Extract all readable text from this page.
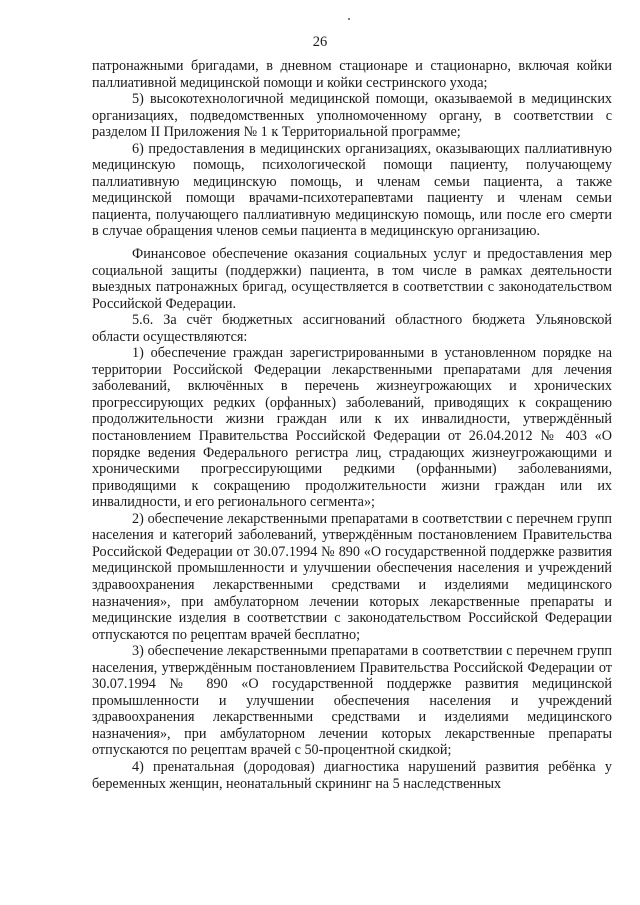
26

патронажными бригадами, в дневном стационаре и стационарно, включая койки паллиативной медицинской помощи и койки сестринского ухода;

5) высокотехнологичной медицинской помощи, оказываемой в медицинских организациях, подведомственных уполномоченному органу, в соответствии с разделом II Приложения № 1 к Территориальной программе;

6) предоставления в медицинских организациях, оказывающих паллиативную медицинскую помощь, психологической помощи пациенту, получающему паллиативную медицинскую помощь, и членам семьи пациента, а также медицинской помощи врачами-психотерапевтами пациенту и членам семьи пациента, получающего паллиативную медицинскую помощь, или после его смерти в случае обращения членов семьи пациента в медицинскую организацию.

Финансовое обеспечение оказания социальных услуг и предоставления мер социальной защиты (поддержки) пациента, в том числе в рамках деятельности выездных патронажных бригад, осуществляется в соответствии с законодательством Российской Федерации.

5.6. За счёт бюджетных ассигнований областного бюджета Ульяновской области осуществляются:

1) обеспечение граждан зарегистрированными в установленном порядке на территории Российской Федерации лекарственными препаратами для лечения заболеваний, включённых в перечень жизнеугрожающих и хронических прогрессирующих редких (орфанных) заболеваний, приводящих к сокращению продолжительности жизни граждан или к их инвалидности, утверждённый постановлением Правительства Российской Федерации от 26.04.2012 № 403 «О порядке ведения Федерального регистра лиц, страдающих жизнеугрожающими и хроническими прогрессирующими редкими (орфанными) заболеваниями, приводящими к сокращению продолжительности жизни граждан или их инвалидности, и его регионального сегмента»;

2) обеспечение лекарственными препаратами в соответствии с перечнем групп населения и категорий заболеваний, утверждённым постановлением Правительства Российской Федерации от 30.07.1994 № 890 «О государственной поддержке развития медицинской промышленности и улучшении обеспечения населения и учреждений здравоохранения лекарственными средствами и изделиями медицинского назначения», при амбулаторном лечении которых лекарственные препараты и медицинские изделия в соответствии с законодательством Российской Федерации отпускаются по рецептам врачей бесплатно;

3) обеспечение лекарственными препаратами в соответствии с перечнем групп населения, утверждённым постановлением Правительства Российской Федерации от 30.07.1994 № 890 «О государственной поддержке развития медицинской промышленности и улучшении обеспечения населения и учреждений здравоохранения лекарственными средствами и изделиями медицинского назначения», при амбулаторном лечении которых лекарственные препараты отпускаются по рецептам врачей с 50-процентной скидкой;

4) пренатальная (дородовая) диагностика нарушений развития ребёнка у беременных женщин, неонатальный скрининг на 5 наследственных
